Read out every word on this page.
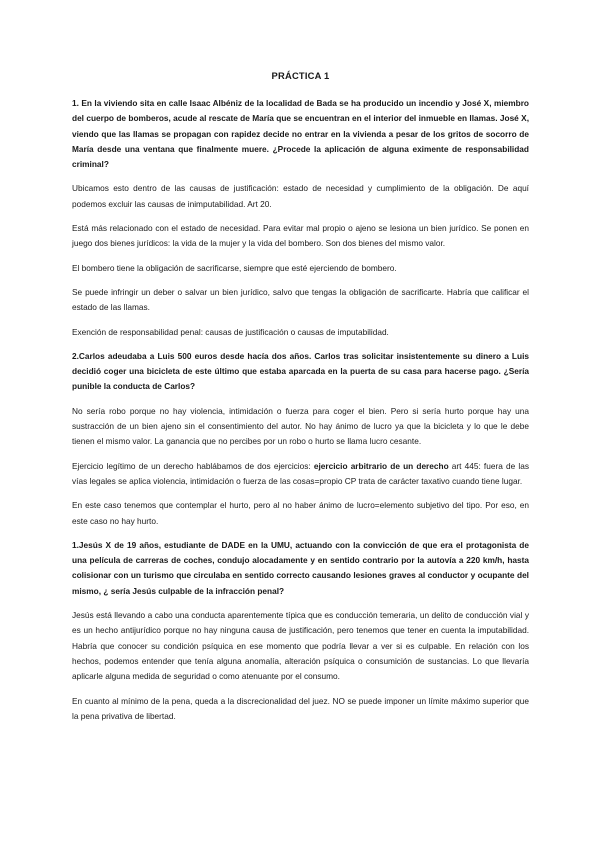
PRÁCTICA 1

1. En la viviendo sita en calle Isaac Albéniz de la localidad de Bada se ha producido un incendio y José X, miembro del cuerpo de bomberos, acude al rescate de María que se encuentran en el interior del inmueble en llamas. José X, viendo que las llamas se propagan con rapidez decide no entrar en la vivienda a pesar de los gritos de socorro de María desde una ventana que finalmente muere. ¿Procede la aplicación de alguna eximente de responsabilidad criminal?

Ubicamos esto dentro de las causas de justificación: estado de necesidad y cumplimiento de la obligación. De aquí podemos excluir las causas de inimputabilidad. Art 20.

Está más relacionado con el estado de necesidad. Para evitar mal propio o ajeno se lesiona un bien jurídico. Se ponen en juego dos bienes jurídicos: la vida de la mujer y la vida del bombero. Son dos bienes del mismo valor.

El bombero tiene la obligación de sacrificarse, siempre que esté ejerciendo de bombero.

Se puede infringir un deber o salvar un bien jurídico, salvo que tengas la obligación de sacrificarte. Habría que calificar el estado de las llamas.

Exención de responsabilidad penal: causas de justificación o causas de imputabilidad.

2.Carlos adeudaba a Luis 500 euros desde hacía dos años. Carlos tras solicitar insistentemente su dinero a Luis decidió coger una bicicleta de este último que estaba aparcada en la puerta de su casa para hacerse pago. ¿Sería punible la conducta de Carlos?

No sería robo porque no hay violencia, intimidación o fuerza para coger el bien. Pero si sería hurto porque hay una sustracción de un bien ajeno sin el consentimiento del autor. No hay ánimo de lucro ya que la bicicleta y lo que le debe tienen el mismo valor. La ganancia que no percibes por un robo o hurto se llama lucro cesante.

Ejercicio legítimo de un derecho hablábamos de dos ejercicios: ejercicio arbitrario de un derecho art 445: fuera de las vías legales se aplica violencia, intimidación o fuerza de las cosas=propio CP trata de carácter taxativo cuando tiene lugar.

En este caso tenemos que contemplar el hurto, pero al no haber ánimo de lucro=elemento subjetivo del tipo. Por eso, en este caso no hay hurto.

1.Jesús X de 19 años, estudiante de DADE en la UMU, actuando con la convicción de que era el protagonista de una película de carreras de coches, condujo alocadamente y en sentido contrario por la autovía a 220 km/h, hasta colisionar con un turismo que circulaba en sentido correcto causando lesiones graves al conductor y ocupante del mismo, ¿ sería Jesús culpable de la infracción penal?

Jesús está llevando a cabo una conducta aparentemente típica que es conducción temeraria, un delito de conducción vial y es un hecho antijurídico porque no hay ninguna causa de justificación, pero tenemos que tener en cuenta la imputabilidad. Habría que conocer su condición psíquica en ese momento que podría llevar a ver si es culpable. En relación con los hechos, podemos entender que tenía alguna anomalía, alteración psíquica o consumición de sustancias. Lo que llevaría aplicarle alguna medida de seguridad o como atenuante por el consumo.

En cuanto al mínimo de la pena, queda a la discrecionalidad del juez. NO se puede imponer un límite máximo superior que la pena privativa de libertad.
